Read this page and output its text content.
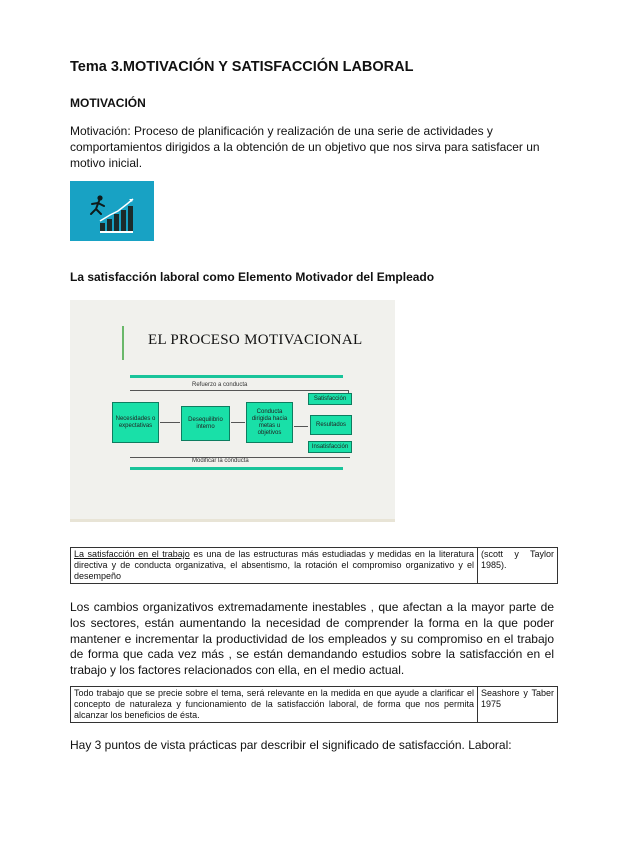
Tema 3.MOTIVACIÓN Y SATISFACCIÓN LABORAL
MOTIVACIÓN

Motivación: Proceso de planificación y realización de una serie de actividades y comportamientos dirigidos a la obtención de un objetivo que nos sirva para satisfacer un motivo inicial.

La satisfacción laboral como Elemento Motivador del Empleado
EL PROCESO MOTIVACIONAL
Refuerzo a conducta
Necesidades o expectativas
Desequilibrio interno
Conducta dirigida hacia metas u objetivos
Satisfacción
Resultados
Insatisfacción
Modificar la conducta
La satisfacción en el trabajo es una de las estructuras más estudiadas y medidas en la literatura directiva y de conducta organizativa, el absentismo, la rotación el compromiso organizativo y el desempeño	(scott y Taylor 1985).

Los cambios organizativos extremadamente inestables , que afectan a la mayor parte de los sectores, están aumentando la necesidad de comprender la forma en la que poder mantener e incrementar la productividad de los empleados y su compromiso en el trabajo de forma que cada vez más , se están demandando estudios sobre la satisfacción en el trabajo y los factores relacionados con ella, en el medio actual.

Todo trabajo que se precie sobre el tema, será relevante en la medida en que ayude a clarificar el concepto de naturaleza y funcionamiento de la satisfacción laboral, de forma que nos permita alcanzar los beneficios de ésta.	Seashore y Taber 1975

Hay 3 puntos de vista prácticas par describir el significado de satisfacción. Laboral:
